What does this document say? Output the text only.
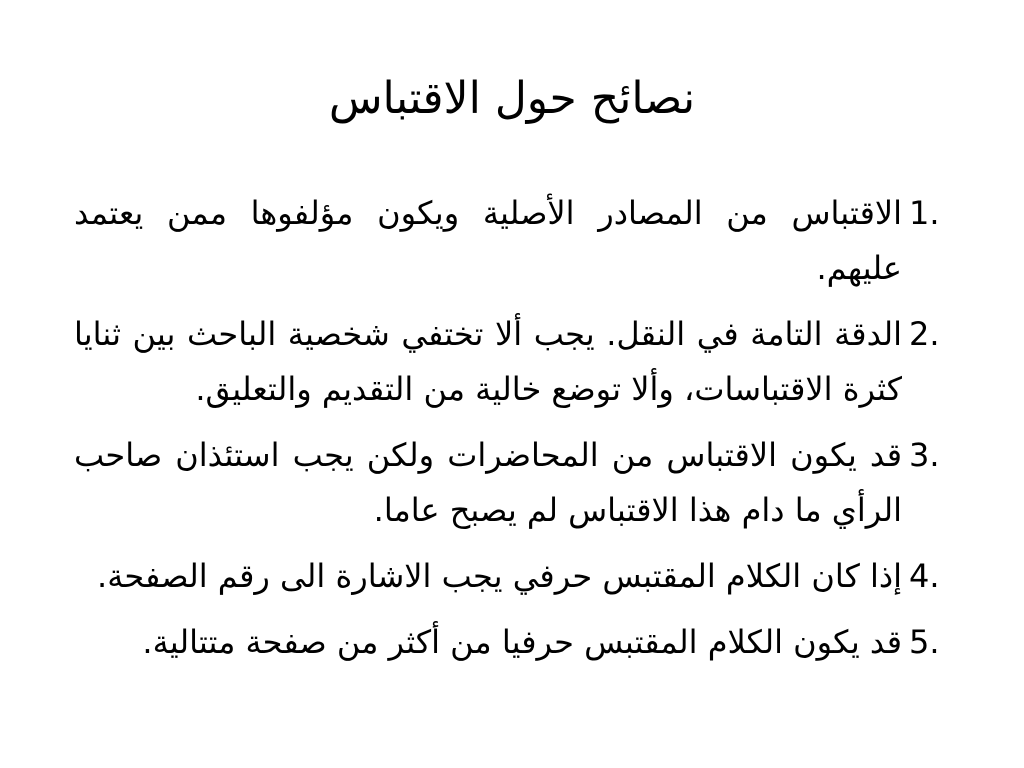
نصائح حول الاقتباس
1.
الاقتباس من المصادر الأصلية ويكون مؤلفوها ممن يعتمد عليهم.
2.
الدقة التامة في النقل. يجب ألا تختفي شخصية الباحث بين ثنايا كثرة الاقتباسات، وألا توضع خالية من التقديم والتعليق.
3.
قد يكون الاقتباس من المحاضرات ولكن يجب استئذان صاحب الرأي ما دام هذا الاقتباس لم يصبح عاما.
4.
إذا كان الكلام المقتبس حرفي يجب الاشارة الى رقم الصفحة.
5.
قد يكون الكلام المقتبس حرفيا من أكثر من صفحة متتالية.
